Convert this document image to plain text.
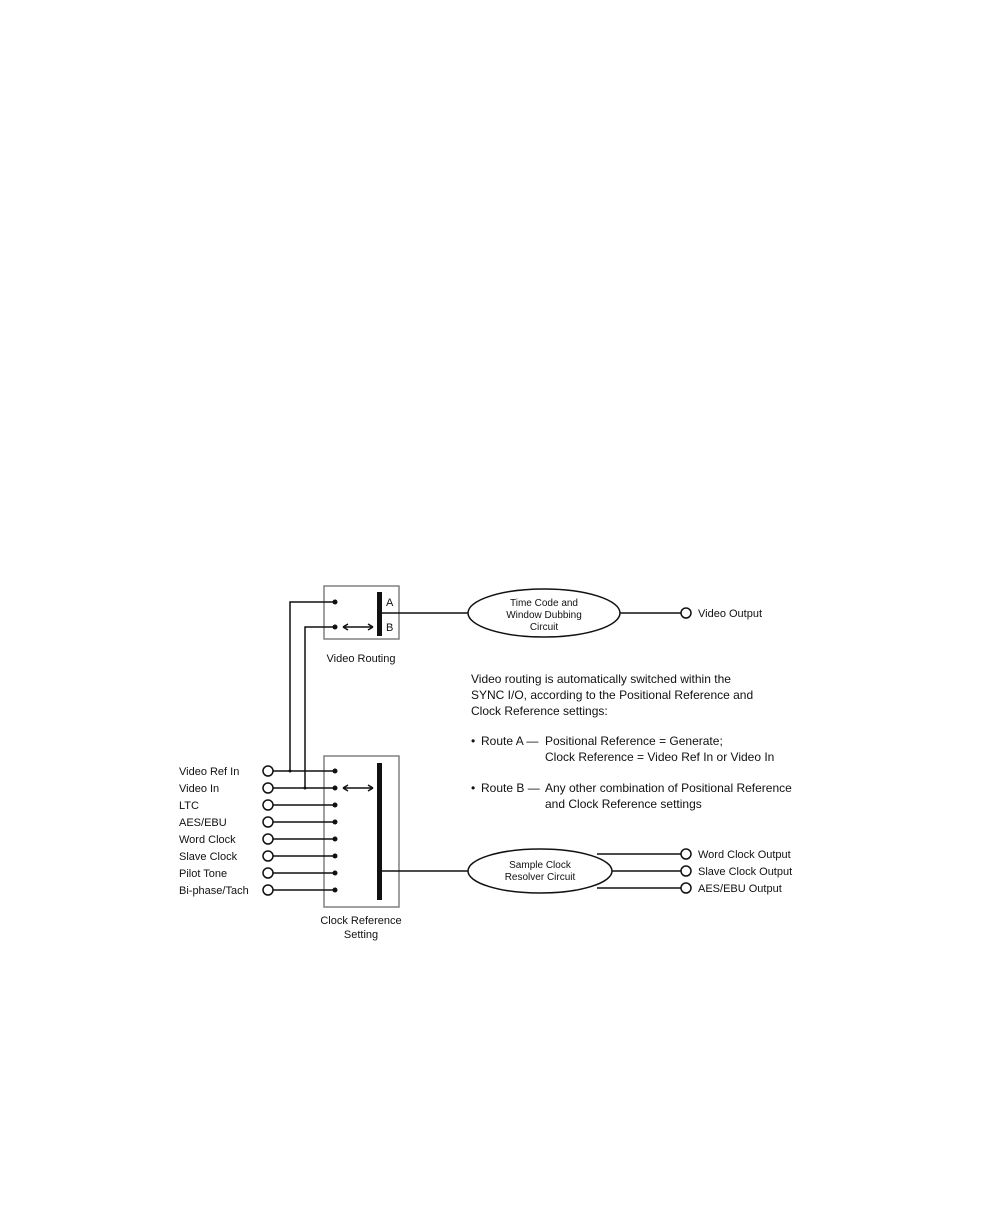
A
B
Video Routing
Time Code and
Window Dubbing
Circuit
Video Output
Video routing is automatically switched within the
SYNC I/O, according to the Positional Reference and
Clock Reference settings:
• Route A — Positional Reference = Generate;
Clock Reference = Video Ref In or Video In
• Route B — Any other combination of Positional Reference
and Clock Reference settings
Clock Reference
Setting
Video Ref In
Video In
LTC
AES/EBU
Word Clock
Slave Clock
Pilot Tone
Bi-phase/Tach
Sample Clock
Resolver Circuit
Word Clock Output
Slave Clock Output
AES/EBU Output
